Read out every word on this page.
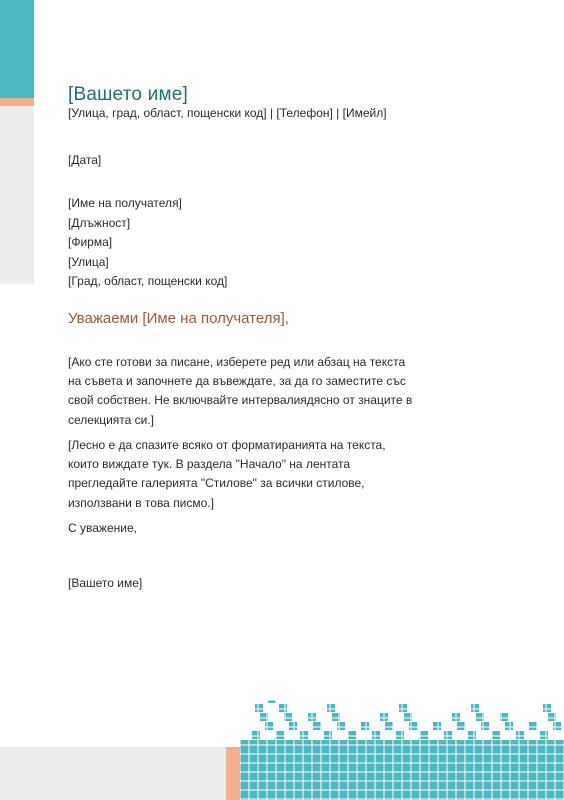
[Вашето име]
[Улица, град, област, пощенски код] | [Телефон] | [Имейл]
[Дата]
[Име на получателя]
[Длъжност]
[Фирма]
[Улица]
[Град, област, пощенски код]
Уважаеми [Име на получателя],
[Ако сте готови за писане, изберете ред или абзац на текста
на съвета и започнете да въвеждате, за да го заместите със
свой собствен. Не включвайте интервалиядясно от знаците в
селекцията си.]
[Лесно е да спазите всяко от форматиранията на текста,
които виждате тук. В раздела "Начало" на лентата
прегледайте галерията "Стилове" за всички стилове,
използвани в това писмо.]
С уважение,
[Вашето име]
